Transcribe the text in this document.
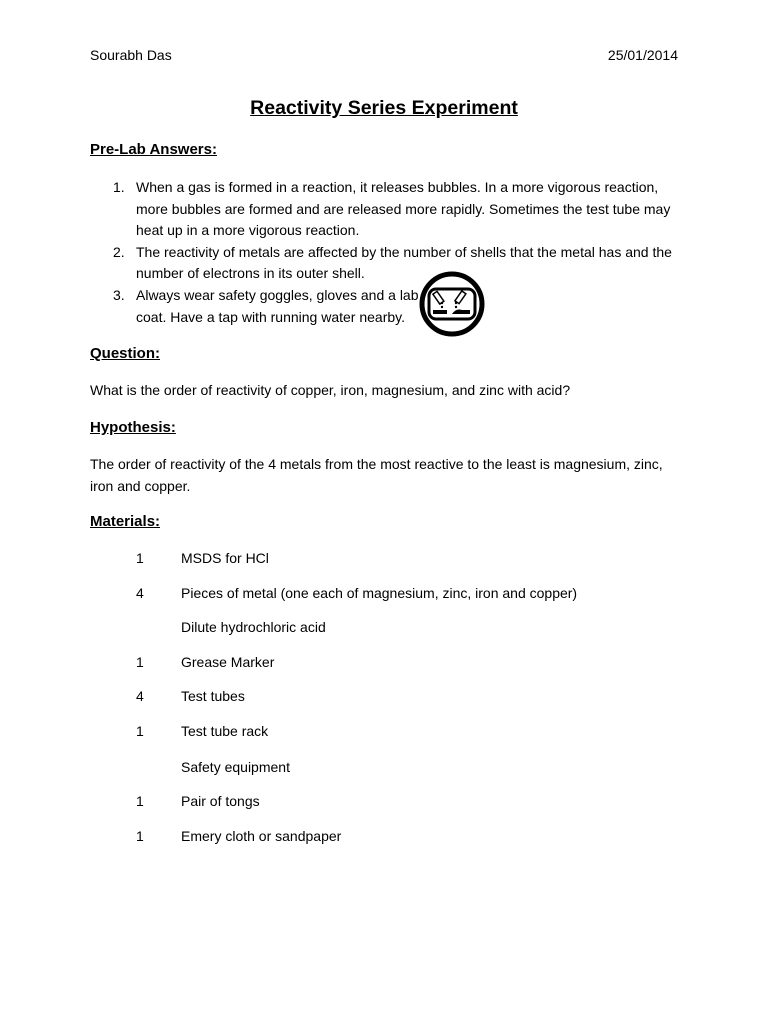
Sourabh Das	25/01/2014
Reactivity Series Experiment
Pre-Lab Answers:
1. When a gas is formed in a reaction, it releases bubbles. In a more vigorous reaction,
more bubbles are formed and are released more rapidly. Sometimes the test tube may
heat up in a more vigorous reaction.
2. The reactivity of metals are affected by the number of shells that the metal has and the
number of electrons in its outer shell.
3. Always wear safety goggles, gloves and a lab
coat. Have a tap with running water nearby.
Question:
What is the order of reactivity of copper, iron, magnesium, and zinc with acid?
Hypothesis:
The order of reactivity of the 4 metals from the most reactive to the least is magnesium, zinc,
iron and copper.
Materials:
1	MSDS for HCl
4	Pieces of metal (one each of magnesium, zinc, iron and copper)
Dilute hydrochloric acid
1	Grease Marker
4	Test tubes
1	Test tube rack
Safety equipment
1	Pair of tongs
1	Emery cloth or sandpaper
